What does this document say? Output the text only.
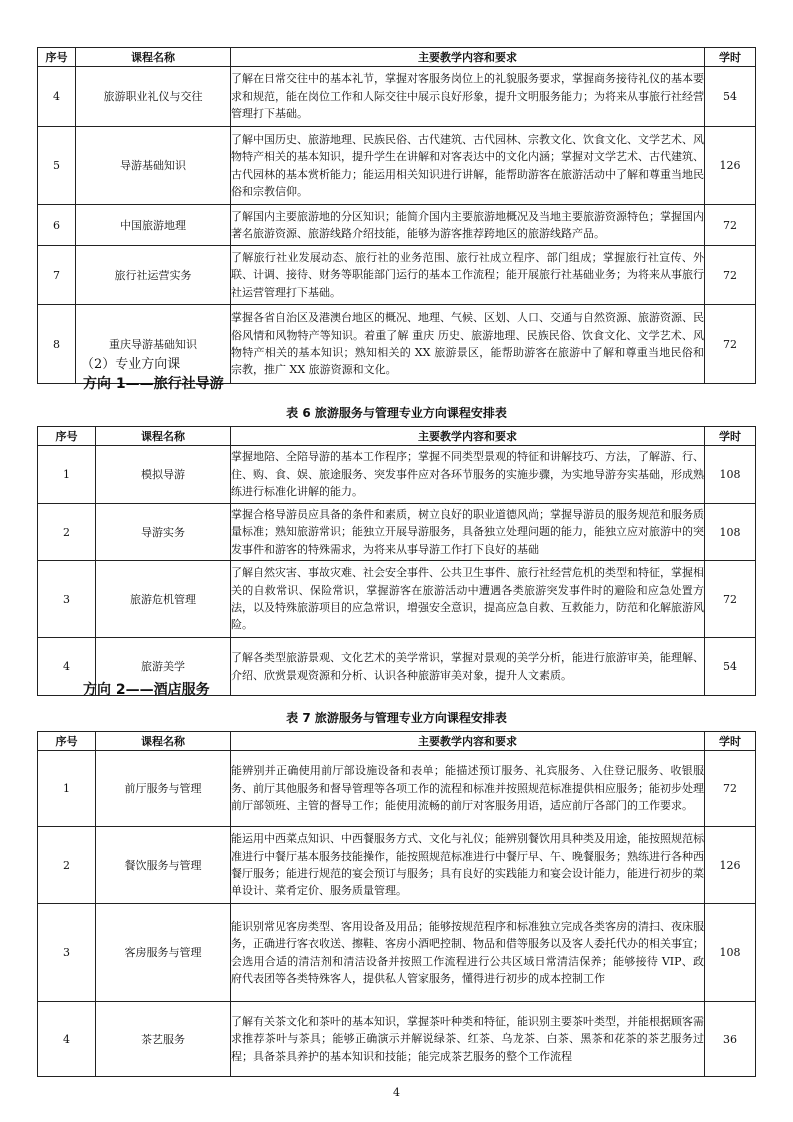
序号	课程名称	主要教学内容和要求	学时
4	旅游职业礼仪与交往	了解在日常交往中的基本礼节，掌握对客服务岗位上的礼貌服务要求，掌握商务接待礼仪的基本要求和规范，能在岗位工作和人际交往中展示良好形象，提升文明服务能力；为将来从事旅行社经营管理打下基础。	54
5	导游基础知识	了解中国历史、旅游地理、民族民俗、古代建筑、古代园林、宗教文化、饮食文化、文学艺术、风物特产相关的基本知识，提升学生在讲解和对客表达中的文化内涵；掌握对文学艺术、古代建筑、古代园林的基本赏析能力；能运用相关知识进行讲解，能帮助游客在旅游活动中了解和尊重当地民俗和宗教信仰。	126
6	中国旅游地理	了解国内主要旅游地的分区知识；能简介国内主要旅游地概况及当地主要旅游资源特色；掌握国内著名旅游资源、旅游线路介绍技能，能够为游客推荐跨地区的旅游线路产品。	72
7	旅行社运营实务	了解旅行社业发展动态、旅行社的业务范围、旅行社成立程序、部门组成；掌握旅行社宣传、外联、计调、接待、财务等职能部门运行的基本工作流程；能开展旅行社基础业务；为将来从事旅行社运营管理打下基础。	72
8	重庆导游基础知识	掌握各省自治区及港澳台地区的概况、地理、气候、区划、人口、交通与自然资源、旅游资源、民俗风情和风物特产等知识。着重了解 重庆 历史、旅游地理、民族民俗、饮食文化、文学艺术、风物特产相关的基本知识；熟知相关的 XX 旅游景区，能帮助游客在旅游中了解和尊重当地民俗和宗教，推广 XX 旅游资源和文化。	72
（2）专业方向课
方向 1——旅行社导游
表 6 旅游服务与管理专业方向课程安排表
序号	课程名称	主要教学内容和要求	学时
1	模拟导游	掌握地陪、全陪导游的基本工作程序；掌握不同类型景观的特征和讲解技巧、方法，了解游、行、住、购、食、娱、旅途服务、突发事件应对各环节服务的实施步骤，为实地导游夯实基础，形成熟练进行标准化讲解的能力。	108
2	导游实务	掌握合格导游员应具备的条件和素质，树立良好的职业道德风尚；掌握导游员的服务规范和服务质量标准；熟知旅游常识；能独立开展导游服务，具备独立处理问题的能力，能独立应对旅游中的突发事件和游客的特殊需求，为将来从事导游工作打下良好的基础	108
3	旅游危机管理	了解自然灾害、事故灾难、社会安全事件、公共卫生事件、旅行社经营危机的类型和特征，掌握相关的自救常识、保险常识，掌握游客在旅游活动中遭遇各类旅游突发事件时的避险和应急处置方法，以及特殊旅游项目的应急常识，增强安全意识，提高应急自救、互救能力，防范和化解旅游风险。	72
4	旅游美学	了解各类型旅游景观、文化艺术的美学常识，掌握对景观的美学分析，能进行旅游审美，能理解、介绍、欣赏景观资源和分析、认识各种旅游审美对象，提升人文素质。	54
方向 2——酒店服务
表 7 旅游服务与管理专业方向课程安排表
序号	课程名称	主要教学内容和要求	学时
1	前厅服务与管理	能辨别并正确使用前厅部设施设备和表单；能描述预订服务、礼宾服务、入住登记服务、收银服务、前厅其他服务和督导管理等各项工作的流程和标准并按照规范标准提供相应服务；能初步处理前厅部领班、主管的督导工作；能使用流畅的前厅对客服务用语，适应前厅各部门的工作要求。	72
2	餐饮服务与管理	能运用中西菜点知识、中西餐服务方式、文化与礼仪；能辨别餐饮用具种类及用途，能按照规范标准进行中餐厅基本服务技能操作，能按照规范标准进行中餐厅早、午、晚餐服务；熟练进行各种西餐厅服务；能进行规范的宴会预订与服务；具有良好的实践能力和宴会设计能力，能进行初步的菜单设计、菜肴定价、服务质量管理。	126
3	客房服务与管理	能识别常见客房类型、客用设备及用品；能够按规范程序和标准独立完成各类客房的清扫、夜床服务，正确进行客衣收送、擦鞋、客房小酒吧控制、物品和借等服务以及客人委托代办的相关事宜；会选用合适的清洁剂和清洁设备并按照工作流程进行公共区域日常清洁保养；能够接待 VIP、政府代表团等各类特殊客人，提供私人管家服务，懂得进行初步的成本控制工作	108
4	茶艺服务	了解有关茶文化和茶叶的基本知识，掌握茶叶种类和特征，能识别主要茶叶类型，并能根据顾客需求推荐茶叶与茶具；能够正确演示并解说绿茶、红茶、乌龙茶、白茶、黑茶和花茶的茶艺服务过程；具备茶具养护的基本知识和技能；能完成茶艺服务的整个工作流程	36
4
